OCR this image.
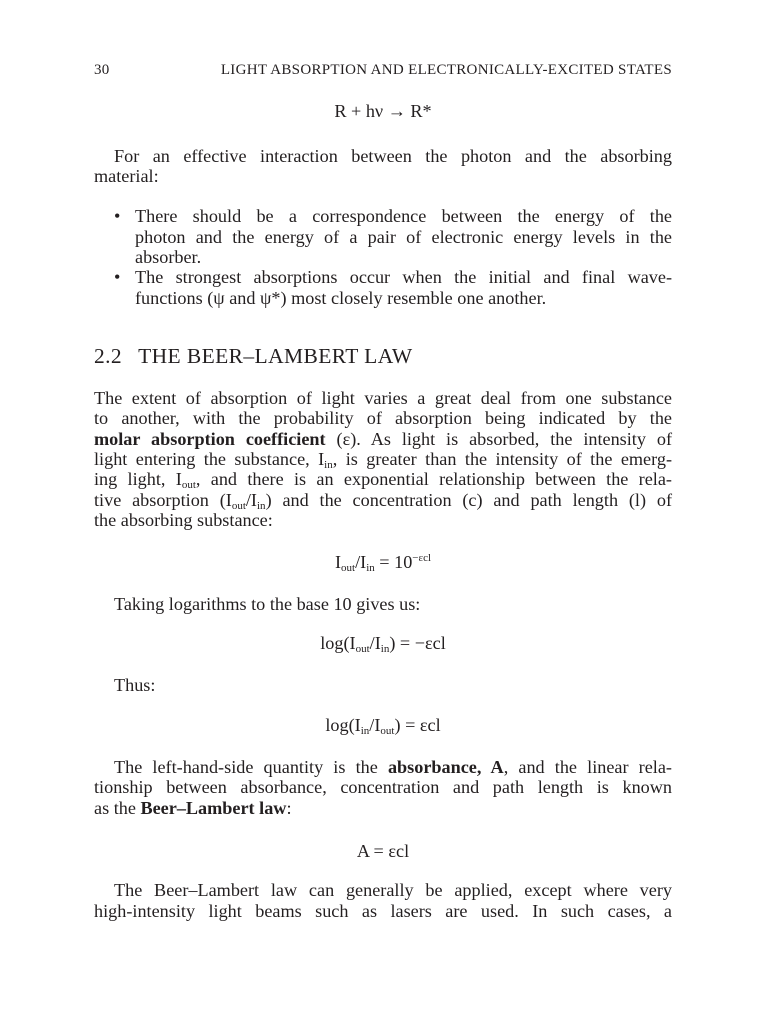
30	LIGHT ABSORPTION AND ELECTRONICALLY-EXCITED STATES
R + hν → R*
For an effective interaction between the photon and the absorbing
material:
• There should be a correspondence between the energy of the
photon and the energy of a pair of electronic energy levels in the
absorber.
• The strongest absorptions occur when the initial and final wave-
functions (ψ and ψ*) most closely resemble one another.
2.2 THE BEER–LAMBERT LAW
The extent of absorption of light varies a great deal from one substance
to another, with the probability of absorption being indicated by the
molar absorption coefficient (ε). As light is absorbed, the intensity of
light entering the substance, $I_{in}$, is greater than the intensity of the emerg-
ing light, $I_{out}$, and there is an exponential relationship between the rela-
tive absorption $(I_{out}/I_{in})$ and the concentration (c) and path length (l) of
the absorbing substance:
$I_{out}/I_{in} = 10^{-\varepsilon cl}$
Taking logarithms to the base 10 gives us:
$\log(I_{out}/I_{in}) = -\varepsilon cl$
Thus:
$\log(I_{in}/I_{out}) = \varepsilon cl$
The left-hand-side quantity is the absorbance, A, and the linear rela-
tionship between absorbance, concentration and path length is known
as the Beer–Lambert law:
A = εcl
The Beer–Lambert law can generally be applied, except where very
high-intensity light beams such as lasers are used. In such cases, a
